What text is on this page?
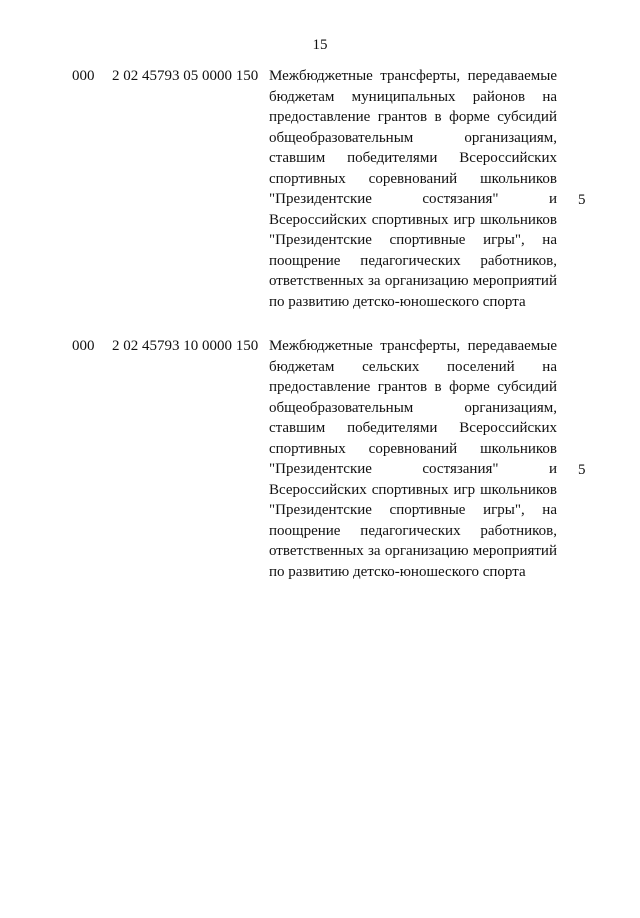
15
000 2 02 45793 05 0000 150 Межбюджетные трансферты, передаваемые бюджетам муниципальных районов на предоставление грантов в форме субсидий общеобразовательным организациям, ставшим победителями Всероссийских спортивных соревнований школьников "Президентские состязания" и Всероссийских спортивных игр школьников "Президентские спортивные игры", на поощрение педагогических работников, ответственных за организацию мероприятий по развитию детско-юношеского спорта

5
000 2 02 45793 10 0000 150 Межбюджетные трансферты, передаваемые бюджетам сельских поселений на предоставление грантов в форме субсидий общеобразовательным организациям, ставшим победителями Всероссийских спортивных соревнований школьников "Президентские состязания" и Всероссийских спортивных игр школьников "Президентские спортивные игры", на поощрение педагогических работников, ответственных за организацию мероприятий по развитию детско-юношеского спорта

5
